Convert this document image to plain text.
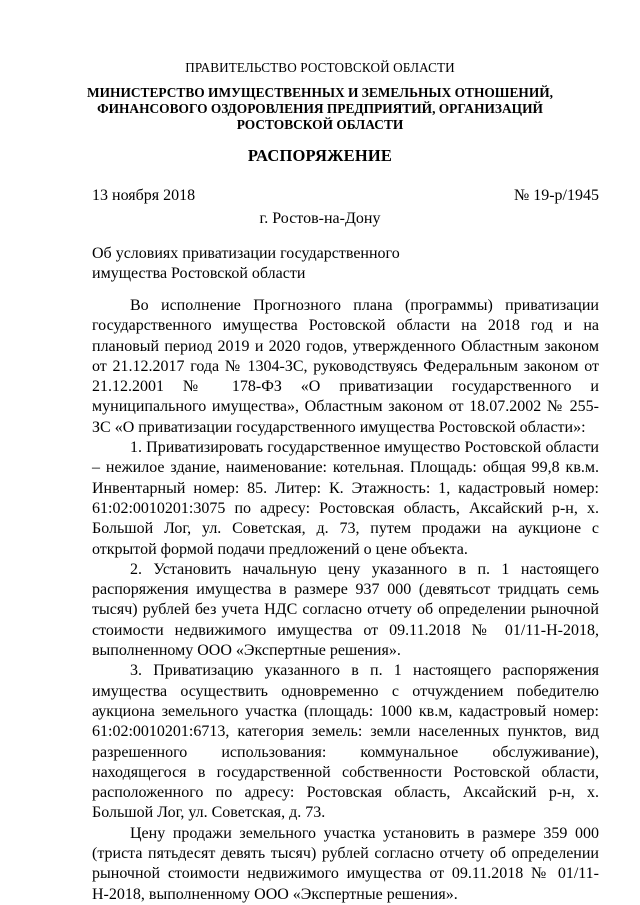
ПРАВИТЕЛЬСТВО РОСТОВСКОЙ ОБЛАСТИ
МИНИСТЕРСТВО ИМУЩЕСТВЕННЫХ И ЗЕМЕЛЬНЫХ ОТНОШЕНИЙ, ФИНАНСОВОГО ОЗДОРОВЛЕНИЯ ПРЕДПРИЯТИЙ, ОРГАНИЗАЦИЙ РОСТОВСКОЙ ОБЛАСТИ
РАСПОРЯЖЕНИЕ
13 ноября 2018	№ 19-р/1945
г. Ростов-на-Дону
Об условиях приватизации государственного имущества Ростовской области

Во исполнение Прогнозного плана (программы) приватизации государственного имущества Ростовской области на 2018 год и на плановый период 2019 и 2020 годов, утвержденного Областным законом от 21.12.2017 года № 1304-ЗС, руководствуясь Федеральным законом от 21.12.2001 № 178-ФЗ «О приватизации государственного и муниципального имущества», Областным законом от 18.07.2002 № 255-ЗС «О приватизации государственного имущества Ростовской области»:

1. Приватизировать государственное имущество Ростовской области – нежилое здание, наименование: котельная. Площадь: общая 99,8 кв.м. Инвентарный номер: 85. Литер: К. Этажность: 1, кадастровый номер: 61:02:0010201:3075 по адресу: Ростовская область, Аксайский р-н, х. Большой Лог, ул. Советская, д. 73, путем продажи на аукционе с открытой формой подачи предложений о цене объекта.

2. Установить начальную цену указанного в п. 1 настоящего распоряжения имущества в размере 937 000 (девятьсот тридцать семь тысяч) рублей без учета НДС согласно отчету об определении рыночной стоимости недвижимого имущества от 09.11.2018 № 01/11-Н-2018, выполненному ООО «Экспертные решения».

3. Приватизацию указанного в п. 1 настоящего распоряжения имущества осуществить одновременно с отчуждением победителю аукциона земельного участка (площадь: 1000 кв.м, кадастровый номер: 61:02:0010201:6713, категория земель: земли населенных пунктов, вид разрешенного использования: коммунальное обслуживание), находящегося в государственной собственности Ростовской области, расположенного по адресу: Ростовская область, Аксайский р-н, х. Большой Лог, ул. Советская, д. 73.

Цену продажи земельного участка установить в размере 359 000 (триста пятьдесят девять тысяч) рублей согласно отчету об определении рыночной стоимости недвижимого имущества от 09.11.2018 № 01/11-Н-2018, выполненному ООО «Экспертные решения».
